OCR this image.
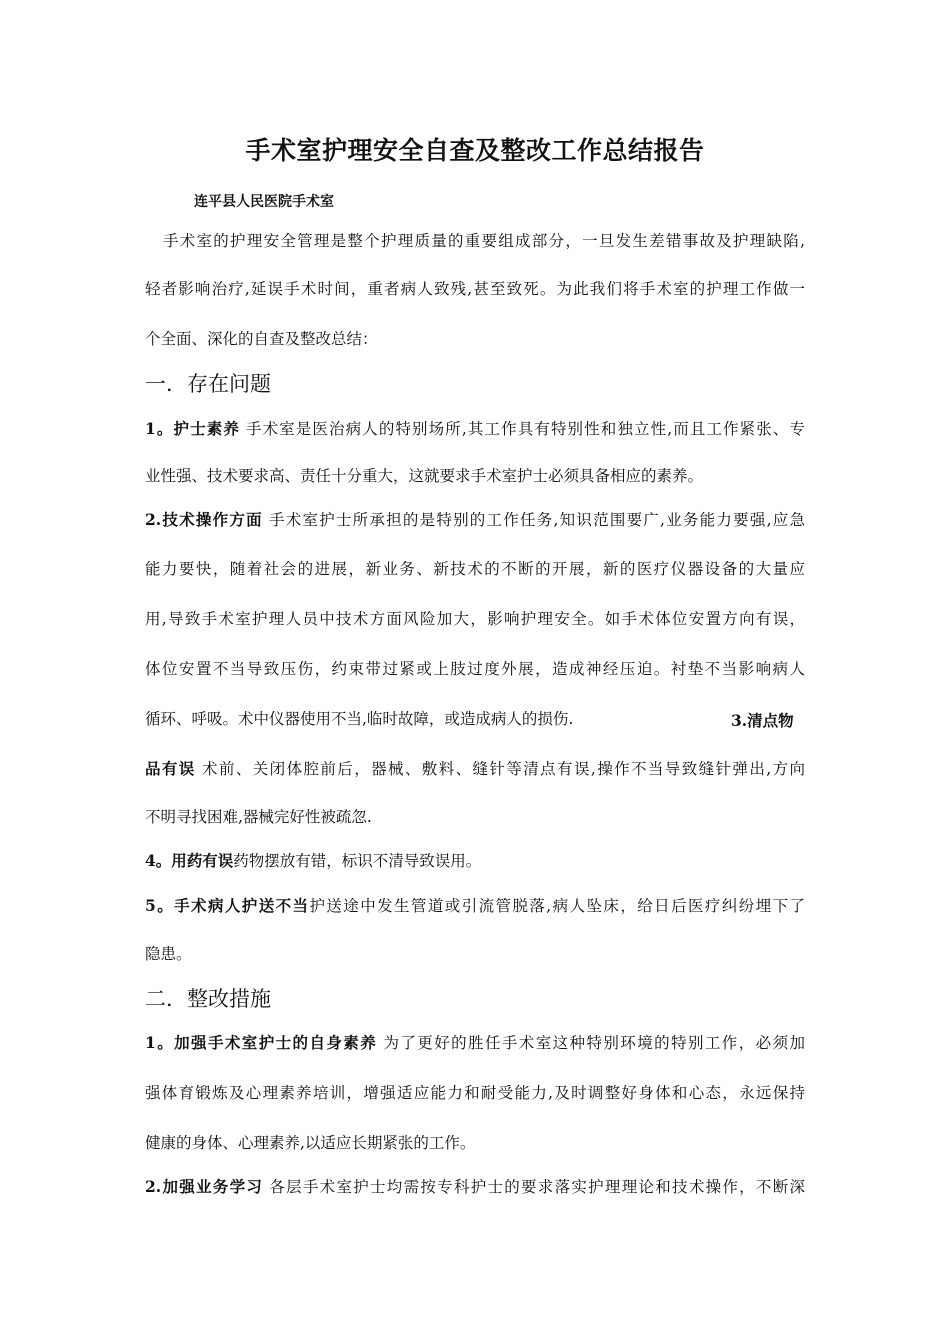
手术室护理安全自查及整改工作总结报告
连平县人民医院手术室
手术室的护理安全管理是整个护理质量的重要组成部分，一旦发生差错事故及护理缺陷,
轻者影响治疗,延误手术时间，重者病人致残,甚至致死。为此我们将手术室的护理工作做一
个全面、深化的自查及整改总结：
一．存在问题
1。护士素养 手术室是医治病人的特别场所,其工作具有特别性和独立性,而且工作紧张、专
业性强、技术要求高、责任十分重大，这就要求手术室护士必须具备相应的素养。
2.技术操作方面 手术室护士所承担的是特别的工作任务,知识范围要广,业务能力要强,应急
能力要快，随着社会的进展，新业务、新技术的不断的开展，新的医疗仪器设备的大量应
用,导致手术室护理人员中技术方面风险加大，影响护理安全。如手术体位安置方向有误，
体位安置不当导致压伤，约束带过紧或上肢过度外展，造成神经压迫。衬垫不当影响病人
循环、呼吸。术中仪器使用不当,临时故障，或造成病人的损伤.	3.清点物
品有误 术前、关闭体腔前后，器械、敷料、缝针等清点有误,操作不当导致缝针弹出,方向
不明寻找困难,器械完好性被疏忽.
4。用药有误药物摆放有错，标识不清导致误用。
5。手术病人护送不当护送途中发生管道或引流管脱落,病人坠床，给日后医疗纠纷埋下了
隐患。
二．整改措施
1。加强手术室护士的自身素养 为了更好的胜任手术室这种特别环境的特别工作，必须加
强体育锻炼及心理素养培训，增强适应能力和耐受能力,及时调整好身体和心态，永远保持
健康的身体、心理素养,以适应长期紧张的工作。
2.加强业务学习 各层手术室护士均需按专科护士的要求落实护理理论和技术操作，不断深
